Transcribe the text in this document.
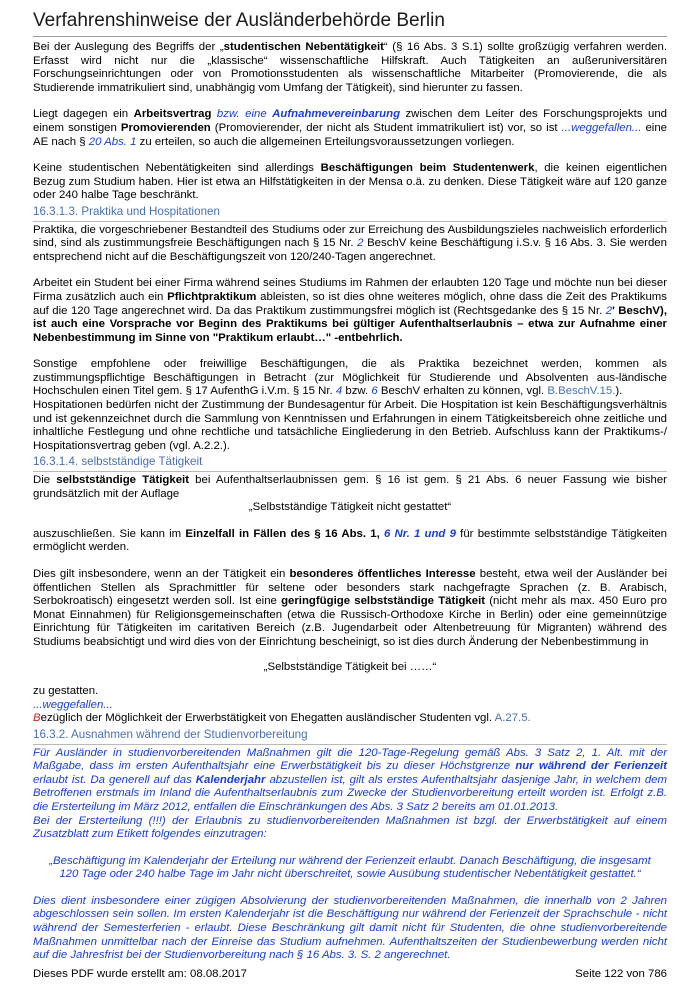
Verfahrenshinweise der Ausländerbehörde Berlin

Bei der Auslegung des Begriffs der „studentischen Nebentätigkeit“ (§ 16 Abs. 3 S.1) sollte großzügig verfahren werden. Erfasst wird nicht nur die „klassische“ wissenschaftliche Hilfskraft. Auch Tätigkeiten an außeruniversitären Forschungseinrichtungen oder von Promotionsstudenten als wissenschaftliche Mitarbeiter (Promovierende, die als Studierende immatrikuliert sind, unabhängig vom Umfang der Tätigkeit), sind hierunter zu fassen.

Liegt dagegen ein Arbeitsvertrag bzw. eine Aufnahmevereinbarung zwischen dem Leiter des Forschungsprojekts und einem sonstigen Promovierenden (Promovierender, der nicht als Student immatrikuliert ist) vor, so ist ...weggefallen... eine AE nach § 20 Abs. 1 zu erteilen, so auch die allgemeinen Erteilungsvoraussetzungen vorliegen.

Keine studentischen Nebentätigkeiten sind allerdings Beschäftigungen beim Studentenwerk, die keinen eigentlichen Bezug zum Studium haben. Hier ist etwa an Hilfstätigkeiten in der Mensa o.ä. zu denken. Diese Tätigkeit wäre auf 120 ganze oder 240 halbe Tage beschränkt.

16.3.1.3. Praktika und Hospitationen

Praktika, die vorgeschriebener Bestandteil des Studiums oder zur Erreichung des Ausbildungszieles nachweislich erforderlich sind, sind als zustimmungsfreie Beschäftigungen nach § 15 Nr. 2 BeschV keine Beschäftigung i.S.v. § 16 Abs. 3. Sie werden entsprechend nicht auf die Beschäftigungszeit von 120/240-Tagen angerechnet.

Arbeitet ein Student bei einer Firma während seines Studiums im Rahmen der erlaubten 120 Tage und möchte nun bei dieser Firma zusätzlich auch ein Pflichtpraktikum ableisten, so ist dies ohne weiteres möglich, ohne dass die Zeit des Praktikums auf die 120 Tage angerechnet wird. Da das Praktikum zustimmungsfrei möglich ist (Rechtsgedanke des § 15 Nr. 2' BeschV), ist auch eine Vorsprache vor Beginn des Praktikums bei gültiger Aufenthaltserlaubnis – etwa zur Aufnahme einer Nebenbestimmung im Sinne von "Praktikum erlaubt…" -entbehrlich.

Sonstige empfohlene oder freiwillige Beschäftigungen, die als Praktika bezeichnet werden, kommen als zustimmungspflichtige Beschäftigungen in Betracht (zur Möglichkeit für Studierende und Absolventen aus-ländische Hochschulen einen Titel gem. § 17 AufenthG i.V.m. § 15 Nr. 4 bzw. 6 BeschV erhalten zu können, vgl. B.BeschV.15.).

Hospitationen bedürfen nicht der Zustimmung der Bundesagentur für Arbeit. Die Hospitation ist kein Beschäftigungsverhältnis und ist gekennzeichnet durch die Sammlung von Kenntnissen und Erfahrungen in einem Tätigkeitsbereich ohne zeitliche und inhaltliche Festlegung und ohne rechtliche und tatsächliche Eingliederung in den Betrieb. Aufschluss kann der Praktikums-/ Hospitationsvertrag geben (vgl. A.2.2.).

16.3.1.4. selbstständige Tätigkeit

Die selbstständige Tätigkeit bei Aufenthaltserlaubnissen gem. § 16 ist gem. § 21 Abs. 6 neuer Fassung wie bisher grundsätzlich mit der Auflage

„Selbstständige Tätigkeit nicht gestattet“

auszuschließen. Sie kann im Einzelfall in Fällen des § 16 Abs. 1, 6 Nr. 1 und 9 für bestimmte selbstständige Tätigkeiten ermöglicht werden.

Dies gilt insbesondere, wenn an der Tätigkeit ein besonderes öffentliches Interesse besteht, etwa weil der Ausländer bei öffentlichen Stellen als Sprachmittler für seltene oder besonders stark nachgefragte Sprachen (z. B. Arabisch, Serbokroatisch) eingesetzt werden soll. Ist eine geringfügige selbstständige Tätigkeit (nicht mehr als max. 450 Euro pro Monat Einnahmen) für Religionsgemeinschaften (etwa die Russisch-Orthodoxe Kirche in Berlin) oder eine gemeinnützige Einrichtung für Tätigkeiten im caritativen Bereich (z.B. Jugendarbeit oder Altenbetreuung für Migranten) während des Studiums beabsichtigt und wird dies von der Einrichtung bescheinigt, so ist dies durch Änderung der Nebenbestimmung in

„Selbstständige Tätigkeit bei ……“

zu gestatten.

...weggefallen...

Bezüglich der Möglichkeit der Erwerbstätigkeit von Ehegatten ausländischer Studenten vgl. A.27.5.

16.3.2. Ausnahmen während der Studienvorbereitung

Für Ausländer in studienvorbereitenden Maßnahmen gilt die 120-Tage-Regelung gemäß Abs. 3 Satz 2, 1. Alt. mit der Maßgabe, dass im ersten Aufenthaltsjahr eine Erwerbstätigkeit bis zu dieser Höchstgrenze nur während der Ferienzeit erlaubt ist. Da generell auf das Kalenderjahr abzustellen ist, gilt als erstes Aufenthaltsjahr dasjenige Jahr, in welchem dem Betroffenen erstmals im Inland die Aufenthaltserlaubnis zum Zwecke der Studienvorbereitung erteilt worden ist. Erfolgt z.B. die Ersterteilung im März 2012, entfallen die Einschränkungen des Abs. 3 Satz 2 bereits am 01.01.2013.

Bei der Ersterteilung (!!!) der Erlaubnis zu studienvorbereitenden Maßnahmen ist bzgl. der Erwerbstätigkeit auf einem Zusatzblatt zum Etikett folgendes einzutragen:

„Beschäftigung im Kalenderjahr der Erteilung nur während der Ferienzeit erlaubt. Danach Beschäftigung, die insgesamt 120 Tage oder 240 halbe Tage im Jahr nicht überschreitet, sowie Ausübung studentischer Nebentätigkeit gestattet.“

Dies dient insbesondere einer zügigen Absolvierung der studienvorbereitenden Maßnahmen, die innerhalb von 2 Jahren abgeschlossen sein sollen. Im ersten Kalenderjahr ist die Beschäftigung nur während der Ferienzeit der Sprachschule - nicht während der Semesterferien - erlaubt. Diese Beschränkung gilt damit nicht für Studenten, die ohne studienvorbereitende Maßnahmen unmittelbar nach der Einreise das Studium aufnehmen. Aufenthaltszeiten der Studienbewerbung werden nicht auf die Jahresfrist bei der Studienvorbereitung nach § 16 Abs. 3. S. 2 angerechnet.

Dieses PDF wurde erstellt am: 08.08.2017	Seite 122 von 786
